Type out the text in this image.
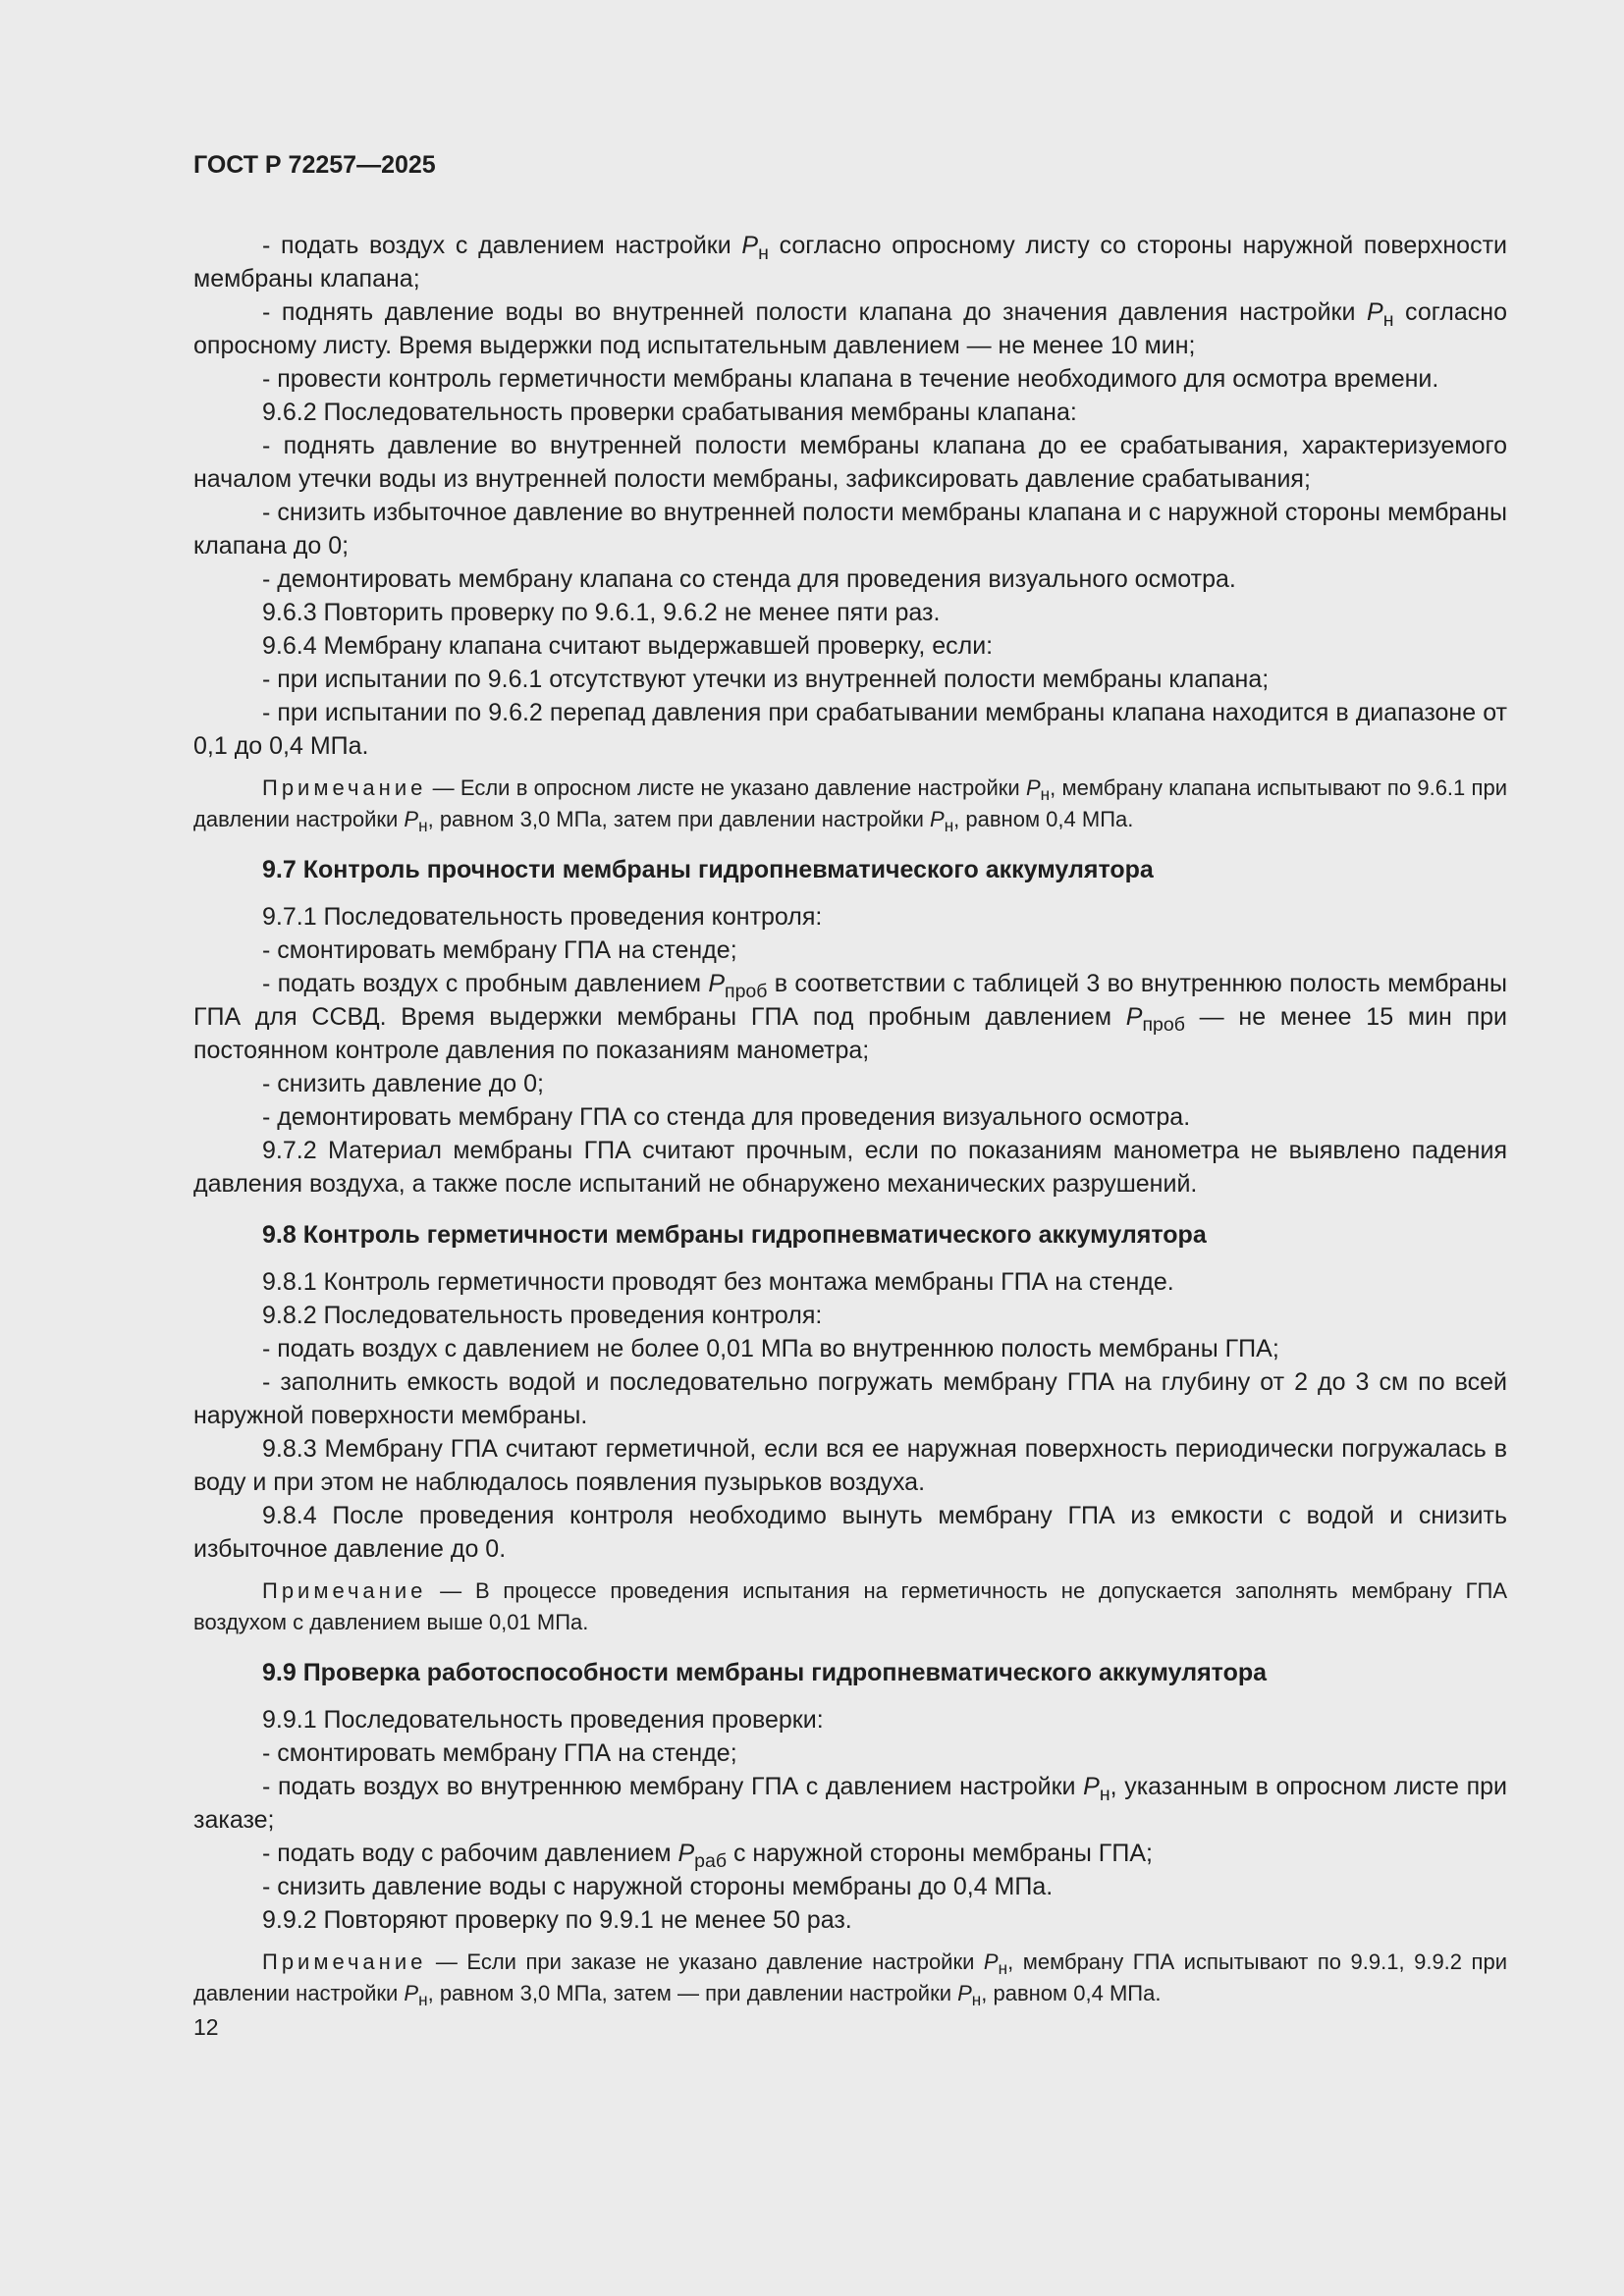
ГОСТ Р 72257—2025

- подать воздух с давлением настройки $P_н$ согласно опросному листу со стороны наружной поверхности мембраны клапана;

- поднять давление воды во внутренней полости клапана до значения давления настройки $P_н$ согласно опросному листу. Время выдержки под испытательным давлением — не менее 10 мин;

- провести контроль герметичности мембраны клапана в течение необходимого для осмотра времени.

9.6.2 Последовательность проверки срабатывания мембраны клапана:

- поднять давление во внутренней полости мембраны клапана до ее срабатывания, характеризуемого началом утечки воды из внутренней полости мембраны, зафиксировать давление срабатывания;

- снизить избыточное давление во внутренней полости мембраны клапана и с наружной стороны мембраны клапана до 0;

- демонтировать мембрану клапана со стенда для проведения визуального осмотра.

9.6.3 Повторить проверку по 9.6.1, 9.6.2 не менее пяти раз.

9.6.4 Мембрану клапана считают выдержавшей проверку, если:

- при испытании по 9.6.1 отсутствуют утечки из внутренней полости мембраны клапана;

- при испытании по 9.6.2 перепад давления при срабатывании мембраны клапана находится в диапазоне от 0,1 до 0,4 МПа.

Примечание — Если в опросном листе не указано давление настройки $P_н$, мембрану клапана испытывают по 9.6.1 при давлении настройки $P_н$, равном 3,0 МПа, затем при давлении настройки $P_н$, равном 0,4 МПа.
9.7 Контроль прочности мембраны гидропневматического аккумулятора

9.7.1 Последовательность проведения контроля:

- смонтировать мембрану ГПА на стенде;

- подать воздух с пробным давлением $P_{проб}$ в соответствии с таблицей 3 во внутреннюю полость мембраны ГПА для ССВД. Время выдержки мембраны ГПА под пробным давлением $P_{проб}$ — не менее 15 мин при постоянном контроле давления по показаниям манометра;

- снизить давление до 0;

- демонтировать мембрану ГПА со стенда для проведения визуального осмотра.

9.7.2 Материал мембраны ГПА считают прочным, если по показаниям манометра не выявлено падения давления воздуха, а также после испытаний не обнаружено механических разрушений.

9.8 Контроль герметичности мембраны гидропневматического аккумулятора

9.8.1 Контроль герметичности проводят без монтажа мембраны ГПА на стенде.

9.8.2 Последовательность проведения контроля:

- подать воздух с давлением не более 0,01 МПа во внутреннюю полость мембраны ГПА;

- заполнить емкость водой и последовательно погружать мембрану ГПА на глубину от 2 до 3 см по всей наружной поверхности мембраны.

9.8.3 Мембрану ГПА считают герметичной, если вся ее наружная поверхность периодически погружалась в воду и при этом не наблюдалось появления пузырьков воздуха.

9.8.4 После проведения контроля необходимо вынуть мембрану ГПА из емкости с водой и снизить избыточное давление до 0.

Примечание — В процессе проведения испытания на герметичность не допускается заполнять мембрану ГПА воздухом с давлением выше 0,01 МПа.
9.9 Проверка работоспособности мембраны гидропневматического аккумулятора

9.9.1 Последовательность проведения проверки:

- смонтировать мембрану ГПА на стенде;

- подать воздух во внутреннюю мембрану ГПА с давлением настройки $P_н$, указанным в опросном листе при заказе;

- подать воду с рабочим давлением $P_{раб}$ с наружной стороны мембраны ГПА;

- снизить давление воды с наружной стороны мембраны до 0,4 МПа.

9.9.2 Повторяют проверку по 9.9.1 не менее 50 раз.

Примечание — Если при заказе не указано давление настройки $P_н$, мембрану ГПА испытывают по 9.9.1, 9.9.2 при давлении настройки $P_н$, равном 3,0 МПа, затем — при давлении настройки $P_н$, равном 0,4 МПа.
12
